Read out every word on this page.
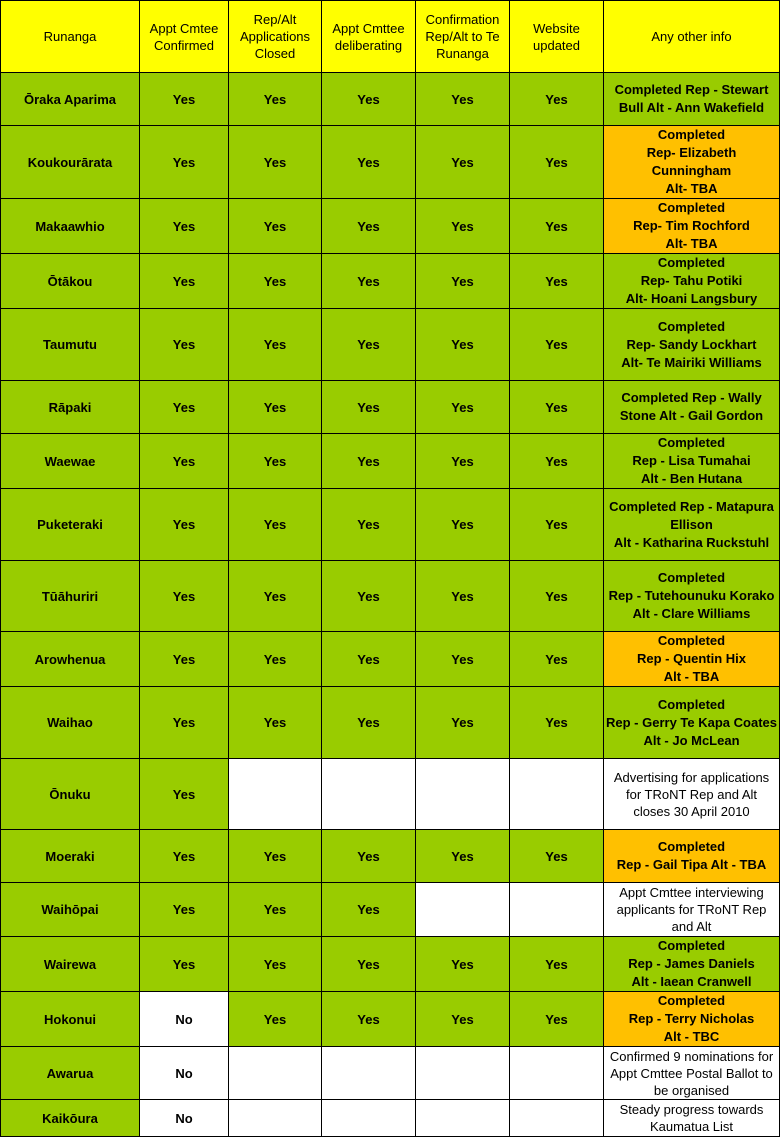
Runanga	Appt Cmtee Confirmed	Rep/Alt Applications Closed	Appt Cmttee deliberating	Confirmation Rep/Alt to Te Runanga	Website updated	Any other info
Ōraka Aparima	Yes	Yes	Yes	Yes	Yes	Completed Rep - Stewart Bull Alt - Ann Wakefield
Koukourārata	Yes	Yes	Yes	Yes	Yes	Completed
Rep- Elizabeth Cunningham
Alt- TBA
Makaawhio	Yes	Yes	Yes	Yes	Yes	Completed
Rep- Tim Rochford
Alt- TBA
Ōtākou	Yes	Yes	Yes	Yes	Yes	Completed
Rep- Tahu Potiki
Alt- Hoani Langsbury
Taumutu	Yes	Yes	Yes	Yes	Yes	Completed
Rep- Sandy Lockhart
Alt- Te Mairiki Williams
Rāpaki	Yes	Yes	Yes	Yes	Yes	Completed Rep - Wally Stone Alt - Gail Gordon
Waewae	Yes	Yes	Yes	Yes	Yes	Completed
Rep - Lisa Tumahai
Alt - Ben Hutana
Puketeraki	Yes	Yes	Yes	Yes	Yes	Completed Rep - Matapura Ellison
Alt - Katharina Ruckstuhl
Tūāhuriri	Yes	Yes	Yes	Yes	Yes	Completed
Rep - Tutehounuku Korako Alt - Clare Williams
Arowhenua	Yes	Yes	Yes	Yes	Yes	Completed
Rep - Quentin Hix
Alt - TBA
Waihao	Yes	Yes	Yes	Yes	Yes	Completed
Rep - Gerry Te Kapa Coates Alt - Jo McLean
Ōnuku	Yes					Advertising for applications for TRoNT Rep and Alt closes 30 April 2010
Moeraki	Yes	Yes	Yes	Yes	Yes	Completed
Rep - Gail Tipa Alt - TBA
Waihōpai	Yes	Yes	Yes			Appt Cmttee interviewing applicants for TRoNT Rep and Alt
Wairewa	Yes	Yes	Yes	Yes	Yes	Completed
Rep - James Daniels
Alt - Iaean Cranwell
Hokonui	No	Yes	Yes	Yes	Yes	Completed
Rep - Terry Nicholas
Alt - TBC
Awarua	No					Confirmed 9 nominations for Appt Cmttee Postal Ballot to be organised
Kaikōura	No					Steady progress towards Kaumatua List
